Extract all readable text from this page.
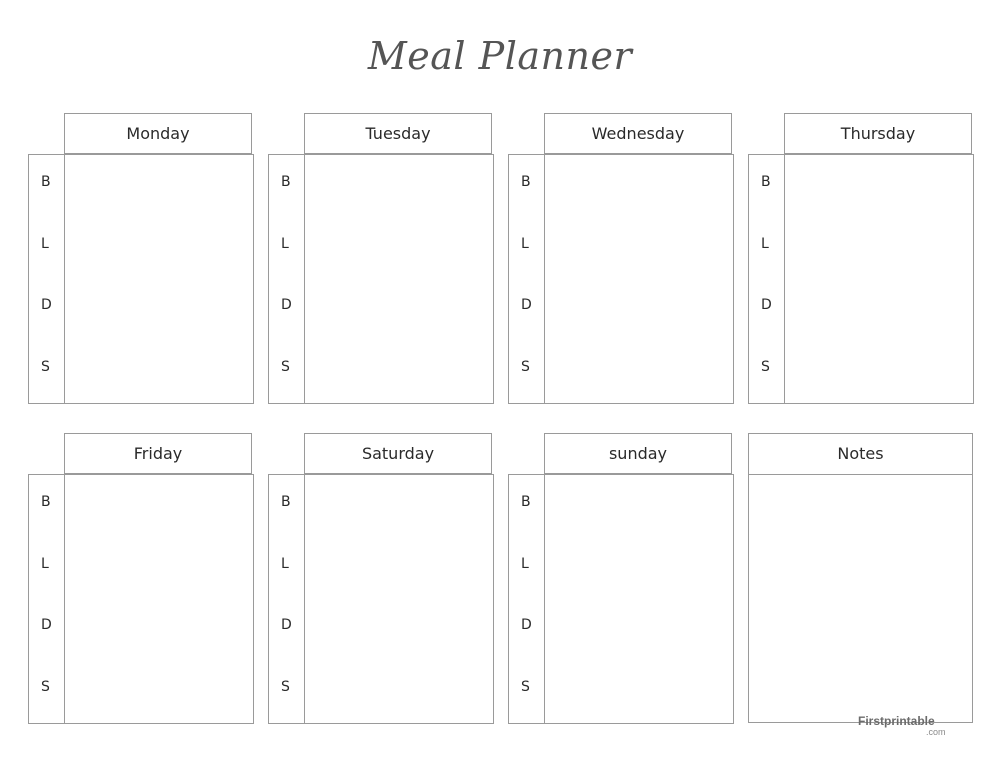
Meal Planner
Monday
B
L
D
S
Tuesday
B
L
D
S
Wednesday
B
L
D
S
Thursday
B
L
D
S
Friday
B
L
D
S
Saturday
B
L
D
S
sunday
B
L
D
S
Notes
Firstprintable
.com
